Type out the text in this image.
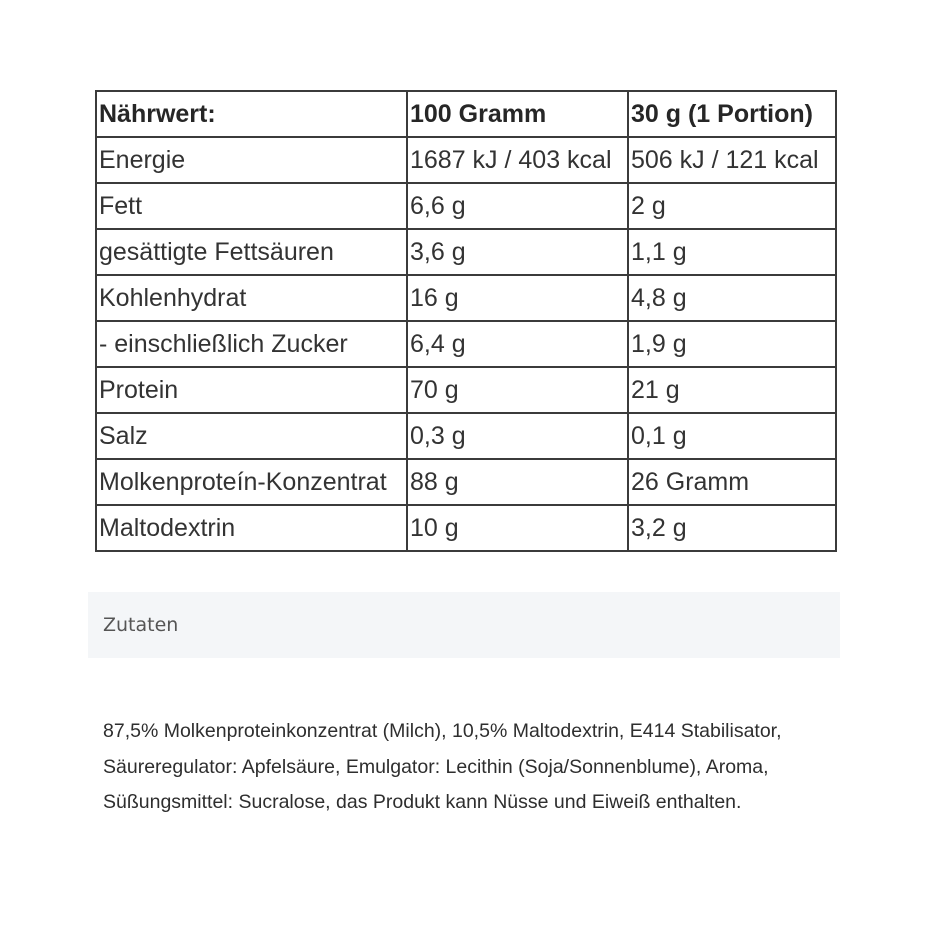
Nährwert:	100 Gramm	30 g (1 Portion)
Energie	1687 kJ / 403 kcal	506 kJ / 121 kcal
Fett	6,6 g	2 g
gesättigte Fettsäuren	3,6 g	1,1 g
Kohlenhydrat	16 g	4,8 g
- einschließlich Zucker	6,4 g	1,9 g
Protein	70 g	21 g
Salz	0,3 g	0,1 g
Molkenproteín-Konzentrat	88 g	26 Gramm
Maltodextrin	10 g	3,2 g
Zutaten

87,5% Molkenproteinkonzentrat (Milch), 10,5% Maltodextrin, E414 Stabilisator,

Säureregulator: Apfelsäure, Emulgator: Lecithin (Soja/Sonnenblume), Aroma,

Süßungsmittel: Sucralose, das Produkt kann Nüsse und Eiweiß enthalten.
